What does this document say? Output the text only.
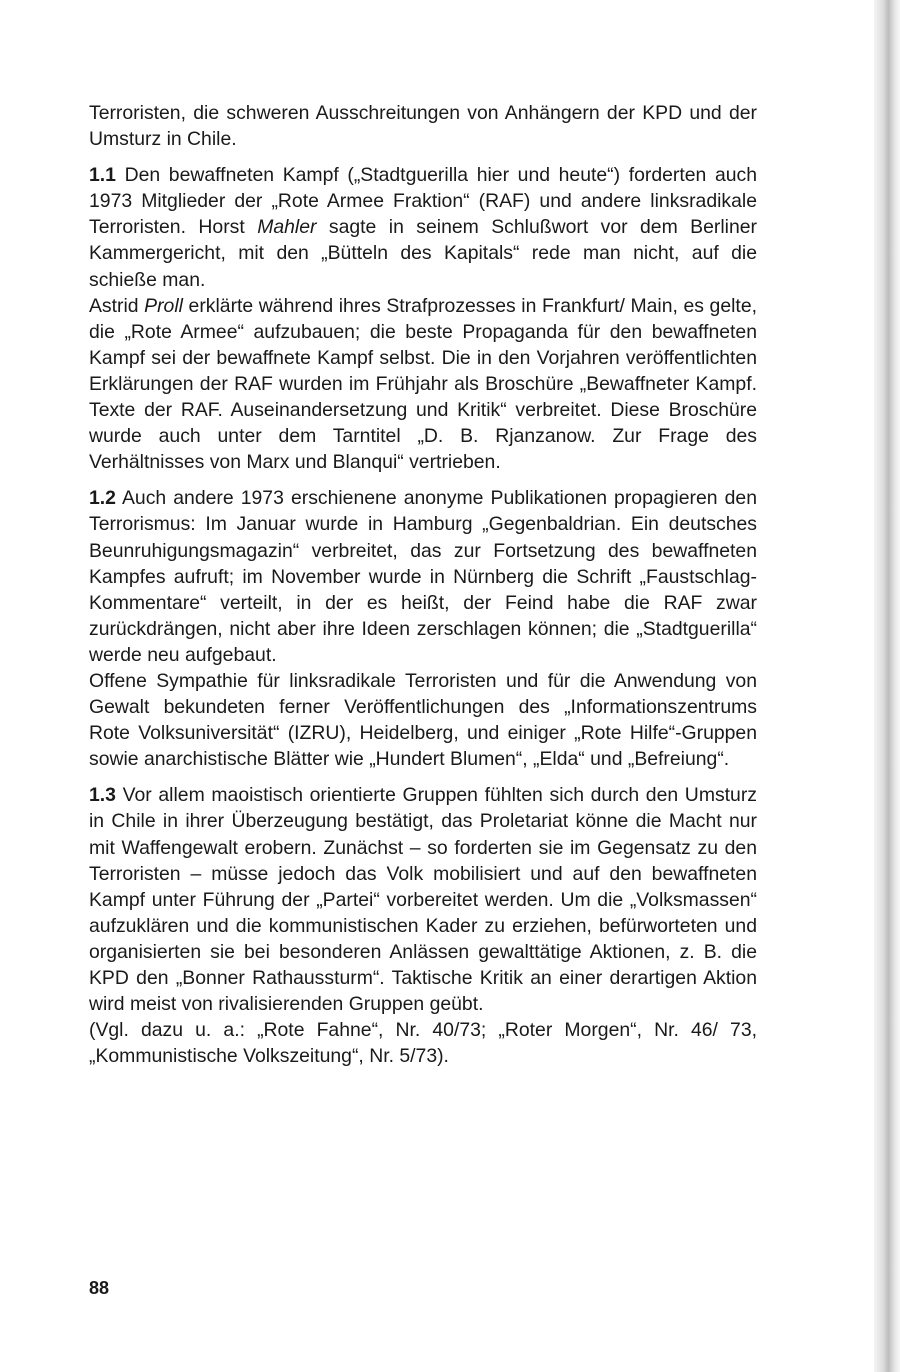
Terroristen, die schweren Ausschreitungen von Anhängern der KPD und der Umsturz in Chile.

1.1 Den bewaffneten Kampf („Stadtguerilla hier und heute“) forderten auch 1973 Mitglieder der „Rote Armee Fraktion“ (RAF) und andere linksradikale Terroristen. Horst Mahler sagte in seinem Schlußwort vor dem Berliner Kammergericht, mit den „Bütteln des Kapitals“ rede man nicht, auf die schieße man.

Astrid Proll erklärte während ihres Strafprozesses in Frankfurt/ Main, es gelte, die „Rote Armee“ aufzubauen; die beste Propaganda für den bewaffneten Kampf sei der bewaffnete Kampf selbst. Die in den Vorjahren veröffentlichten Erklärungen der RAF wurden im Frühjahr als Broschüre „Bewaffneter Kampf. Texte der RAF. Auseinandersetzung und Kritik“ verbreitet. Diese Broschüre wurde auch unter dem Tarntitel „D. B. Rjanzanow. Zur Frage des Verhältnisses von Marx und Blanqui“ vertrieben.

1.2 Auch andere 1973 erschienene anonyme Publikationen propagieren den Terrorismus: Im Januar wurde in Hamburg „Gegenbaldrian. Ein deutsches Beunruhigungsmagazin“ verbreitet, das zur Fortsetzung des bewaffneten Kampfes aufruft; im November wurde in Nürnberg die Schrift „Faustschlag-Kommentare“ verteilt, in der es heißt, der Feind habe die RAF zwar zurückdrängen, nicht aber ihre Ideen zerschlagen können; die „Stadtguerilla“ werde neu aufgebaut.

Offene Sympathie für linksradikale Terroristen und für die Anwendung von Gewalt bekundeten ferner Veröffentlichungen des „Informationszentrums Rote Volksuniversität“ (IZRU), Heidelberg, und einiger „Rote Hilfe“-Gruppen sowie anarchistische Blätter wie „Hundert Blumen“, „Elda“ und „Befreiung“.

1.3 Vor allem maoistisch orientierte Gruppen fühlten sich durch den Umsturz in Chile in ihrer Überzeugung bestätigt, das Proletariat könne die Macht nur mit Waffengewalt erobern. Zunächst – so forderten sie im Gegensatz zu den Terroristen – müsse jedoch das Volk mobilisiert und auf den bewaffneten Kampf unter Führung der „Partei“ vorbereitet werden. Um die „Volksmassen“ aufzuklären und die kommunistischen Kader zu erziehen, befürworteten und organisierten sie bei besonderen Anlässen gewalttätige Aktionen, z. B. die KPD den „Bonner Rathaussturm“. Taktische Kritik an einer derartigen Aktion wird meist von rivalisierenden Gruppen geübt.

(Vgl. dazu u. a.: „Rote Fahne“, Nr. 40/73; „Roter Morgen“, Nr. 46/ 73, „Kommunistische Volkszeitung“, Nr. 5/73).

88
